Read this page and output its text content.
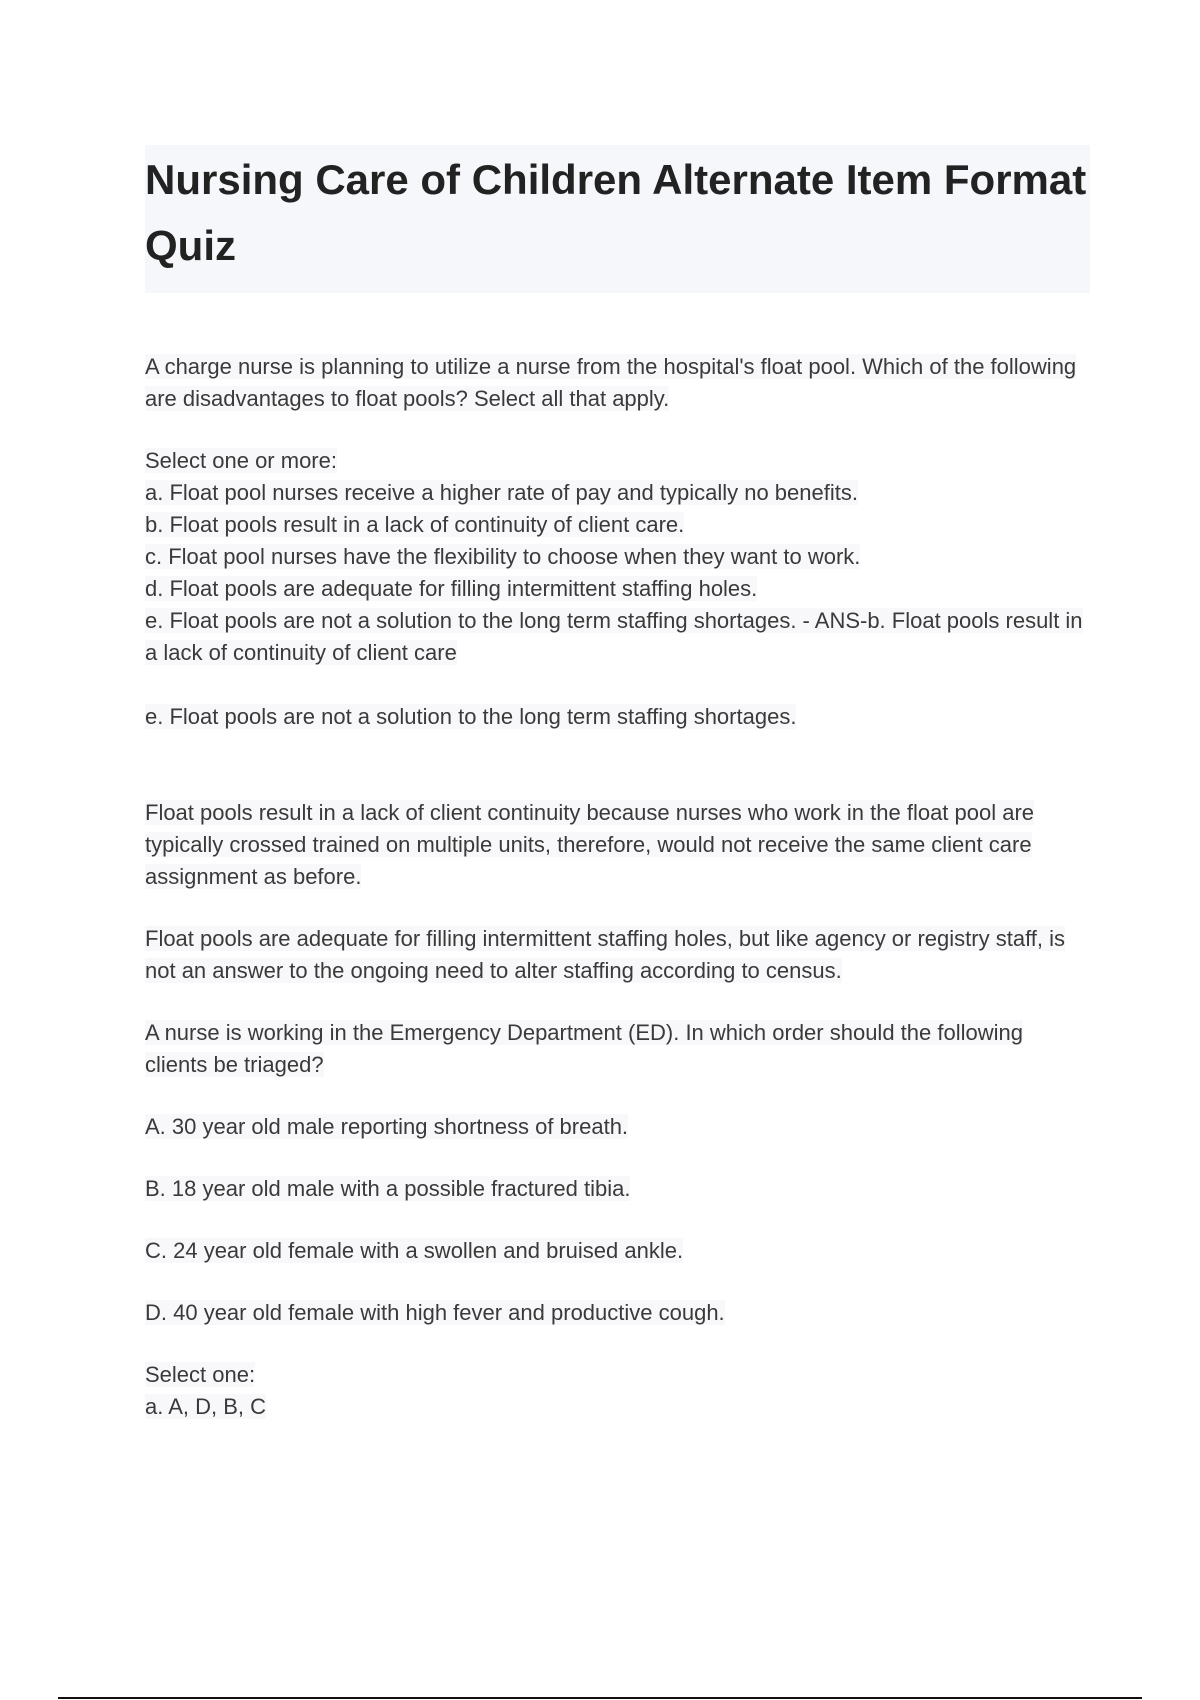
Nursing Care of Children Alternate Item Format Quiz

A charge nurse is planning to utilize a nurse from the hospital's float pool. Which of the following are disadvantages to float pools? Select all that apply.

Select one or more:

a. Float pool nurses receive a higher rate of pay and typically no benefits.

b. Float pools result in a lack of continuity of client care.

c. Float pool nurses have the flexibility to choose when they want to work.

d. Float pools are adequate for filling intermittent staffing holes.

e. Float pools are not a solution to the long term staffing shortages. - ANS-b. Float pools result in a lack of continuity of client care

e. Float pools are not a solution to the long term staffing shortages.

Float pools result in a lack of client continuity because nurses who work in the float pool are typically crossed trained on multiple units, therefore, would not receive the same client care assignment as before.

Float pools are adequate for filling intermittent staffing holes, but like agency or registry staff, is not an answer to the ongoing need to alter staffing according to census.

A nurse is working in the Emergency Department (ED). In which order should the following clients be triaged?

A. 30 year old male reporting shortness of breath.

B. 18 year old male with a possible fractured tibia.

C. 24 year old female with a swollen and bruised ankle.

D. 40 year old female with high fever and productive cough.

Select one:

a. A, D, B, C
